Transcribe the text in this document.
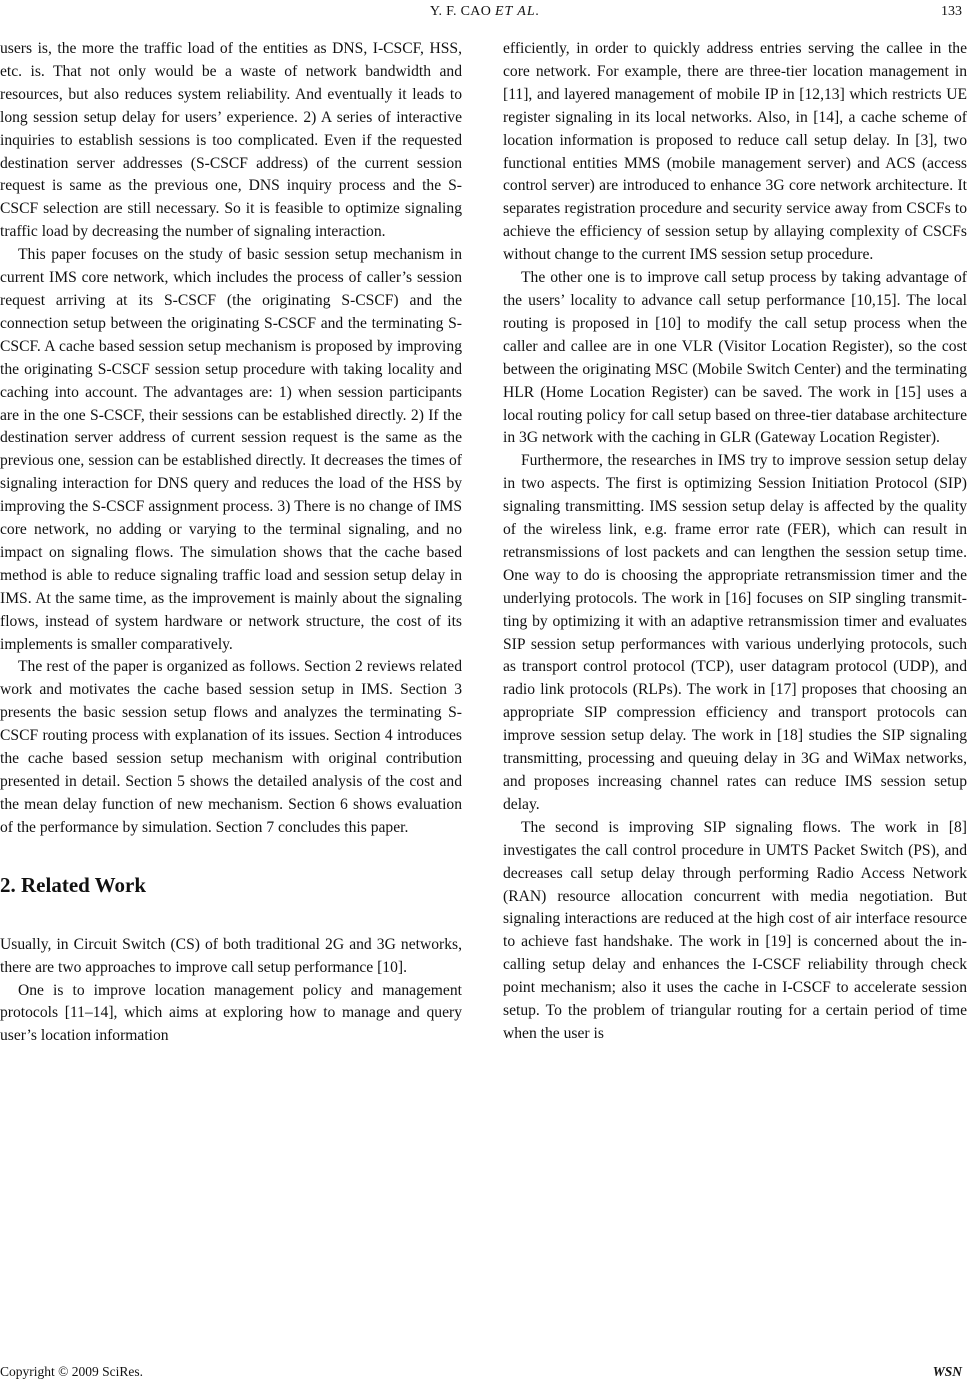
Y. F. CAO ET AL.	133

users is, the more the traffic load of the entities as DNS, I-CSCF, HSS, etc. is. That not only would be a waste of network bandwidth and resources, but also reduces system reliability. And eventually it leads to long session setup delay for users’ experience. 2) A series of interactive inquiries to establish sessions is too complicated. Even if the requested destination server addresses (S-CSCF address) of the current session request is same as the previous one, DNS inquiry process and the S-CSCF selection are still necessary. So it is feasible to optimize signaling traffic load by decreasing the number of signaling interaction.

This paper focuses on the study of basic session setup mechanism in current IMS core network, which includes the process of caller’s session request arriving at its S-CSCF (the originating S-CSCF) and the connection setup between the originating S-CSCF and the terminating S-CSCF. A cache based session setup mechanism is proposed by improving the originating S-CSCF session setup procedure with taking locality and caching into account. The advantages are: 1) when session participants are in the one S-CSCF, their sessions can be established directly. 2) If the destination server address of current session request is the same as the previous one, session can be established directly. It decreases the times of signaling interaction for DNS query and reduces the load of the HSS by improving the S-CSCF assignment process. 3) There is no change of IMS core network, no adding or varying to the terminal signaling, and no impact on signaling flows. The simulation shows that the cache based method is able to reduce signaling traffic load and session setup delay in IMS. At the same time, as the improvement is mainly about the signaling flows, instead of system hardware or network structure, the cost of its implements is smaller comparatively.

The rest of the paper is organized as follows. Section 2 reviews related work and motivates the cache based session setup in IMS. Section 3 presents the basic session setup flows and analyzes the terminating S-CSCF routing process with explanation of its issues. Section 4 introduces the cache based session setup mechanism with original contribution presented in detail. Section 5 shows the detailed analysis of the cost and the mean delay function of new mechanism. Section 6 shows evaluation of the performance by simulation. Section 7 concludes this paper.

2. Related Work

Usually, in Circuit Switch (CS) of both traditional 2G and 3G networks, there are two approaches to improve call setup performance [10].

One is to improve location management policy and management protocols [11–14], which aims at exploring how to manage and query user’s location information

efficiently, in order to quickly address entries serving the callee in the core network. For example, there are three-tier location management in [11], and layered management of mobile IP in [12,13] which restricts UE register signaling in its local networks. Also, in [14], a cache scheme of location information is proposed to reduce call setup delay. In [3], two functional entities MMS (mobile management server) and ACS (access control server) are introduced to enhance 3G core network architecture. It separates registration procedure and security service away from CSCFs to achieve the efficiency of session setup by allaying complexity of CSCFs without change to the current IMS session setup procedure.

The other one is to improve call setup process by taking advantage of the users’ locality to advance call setup performance [10,15]. The local routing is proposed in [10] to modify the call setup process when the caller and callee are in one VLR (Visitor Location Register), so the cost between the originating MSC (Mobile Switch Center) and the terminating HLR (Home Location Register) can be saved. The work in [15] uses a local routing policy for call setup based on three-tier database architecture in 3G network with the caching in GLR (Gateway Location Register).

Furthermore, the researches in IMS try to improve session setup delay in two aspects. The first is optimizing Session Initiation Protocol (SIP) signaling transmitting. IMS session setup delay is affected by the quality of the wireless link, e.g. frame error rate (FER), which can result in retransmissions of lost packets and can lengthen the session setup time. One way to do is choosing the appropriate retransmission timer and the underlying protocols. The work in [16] focuses on SIP singling transmitting by optimizing it with an adaptive retransmission timer and evaluates SIP session setup performances with various underlying protocols, such as transport control protocol (TCP), user datagram protocol (UDP), and radio link protocols (RLPs). The work in [17] proposes that choosing an appropriate SIP compression efficiency and transport protocols can improve session setup delay. The work in [18] studies the SIP signaling transmitting, processing and queuing delay in 3G and WiMax networks, and proposes increasing channel rates can reduce IMS session setup delay.

The second is improving SIP signaling flows. The work in [8] investigates the call control procedure in UMTS Packet Switch (PS), and decreases call setup delay through performing Radio Access Network (RAN) resource allocation concurrent with media negotiation. But signaling interactions are reduced at the high cost of air interface resource to achieve fast handshake. The work in [19] is concerned about the in-calling setup delay and enhances the I-CSCF reliability through check point mechanism; also it uses the cache in I-CSCF to accelerate session setup. To the problem of triangular routing for a certain period of time when the user is

Copyright © 2009 SciRes.	WSN
